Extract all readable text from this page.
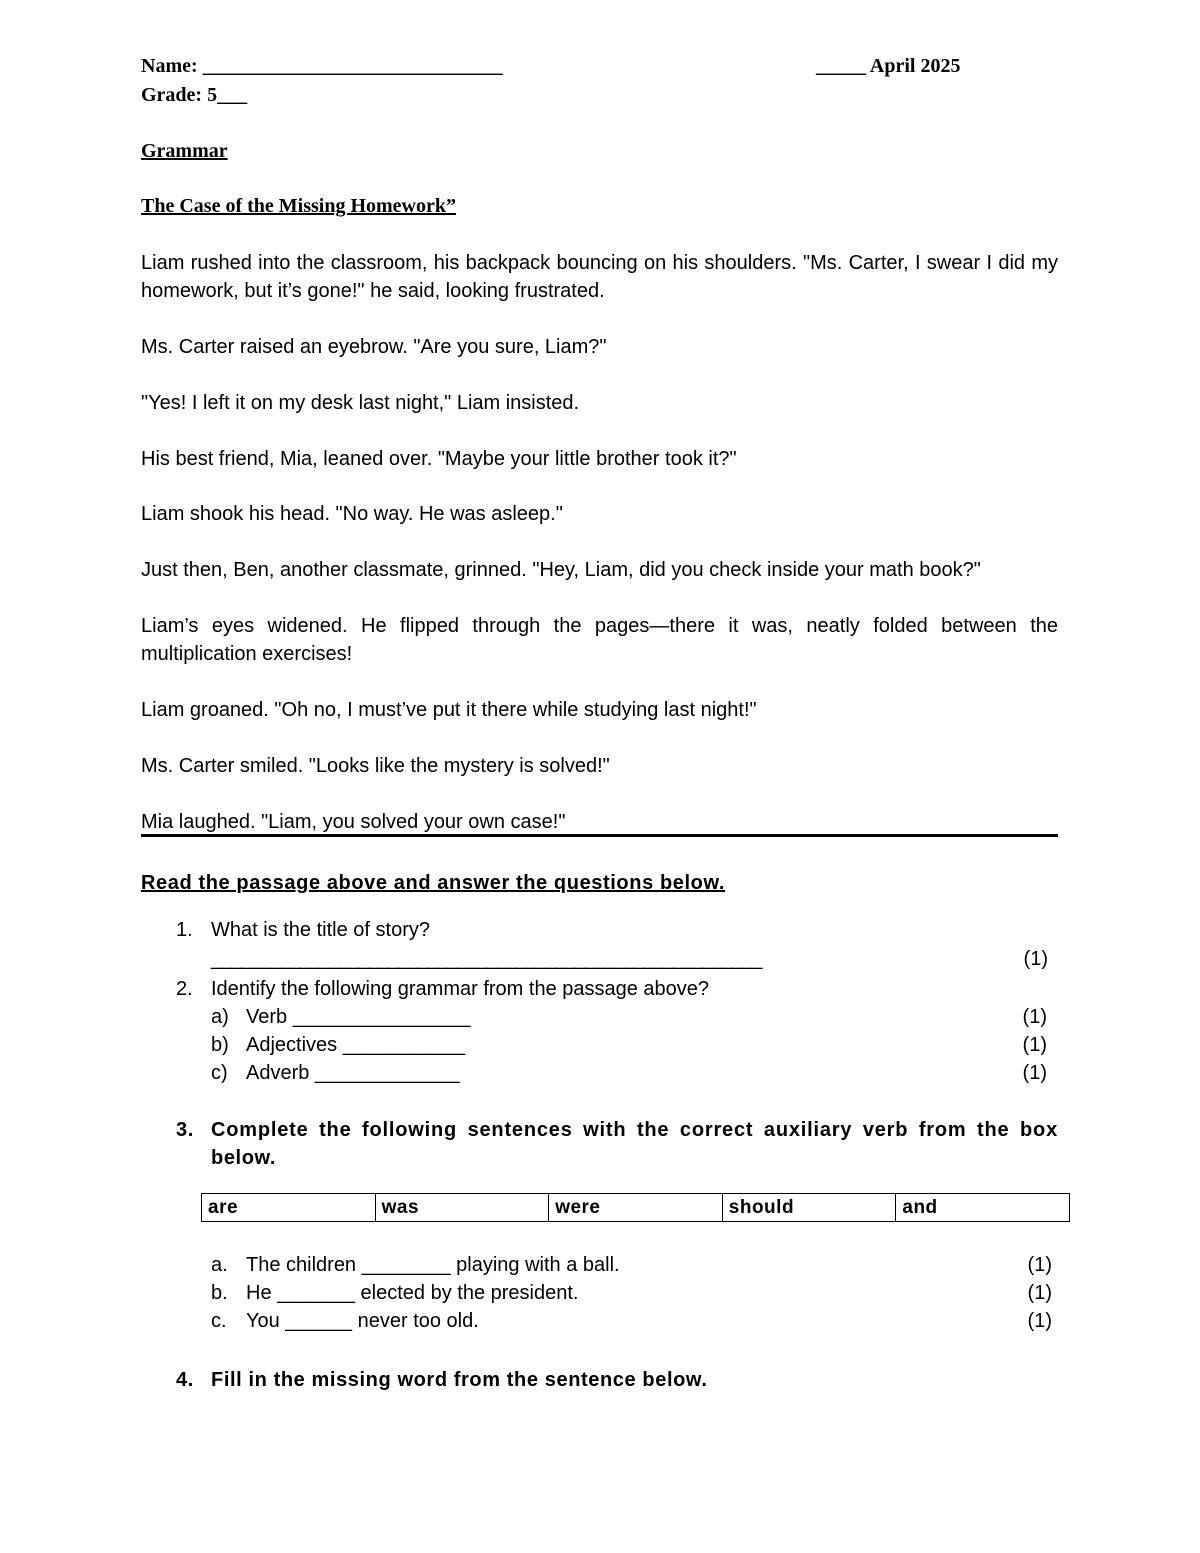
Name: ______________________________	_____ April 2025
Grade: 5___
Grammar
The Case of the Missing Homework”
Liam rushed into the classroom, his backpack bouncing on his shoulders. "Ms. Carter, I swear I did my homework, but it’s gone!" he said, looking frustrated.
Ms. Carter raised an eyebrow. "Are you sure, Liam?"
"Yes! I left it on my desk last night," Liam insisted.
His best friend, Mia, leaned over. "Maybe your little brother took it?"
Liam shook his head. "No way. He was asleep."
Just then, Ben, another classmate, grinned. "Hey, Liam, did you check inside your math book?"
Liam’s eyes widened. He flipped through the pages—there it was, neatly folded between the multiplication exercises!
Liam groaned. "Oh no, I must’ve put it there while studying last night!"
Ms. Carter smiled. "Looks like the mystery is solved!"
Mia laughed. "Liam, you solved your own case!"
Read the passage above and answer the questions below.
1. What is the title of story?
________________________________________________________	(1)
2. Identify the following grammar from the passage above?
a) Verb ________________	(1)
b) Adjectives ___________	(1)
c) Adverb _____________	(1)
3. Complete the following sentences with the correct auxiliary verb from the box
below.
are	was	were	should	and
a. The children ________ playing with a ball.	(1)
b. He _______ elected by the president.	(1)
c. You ______ never too old.	(1)
4. Fill in the missing word from the sentence below.
